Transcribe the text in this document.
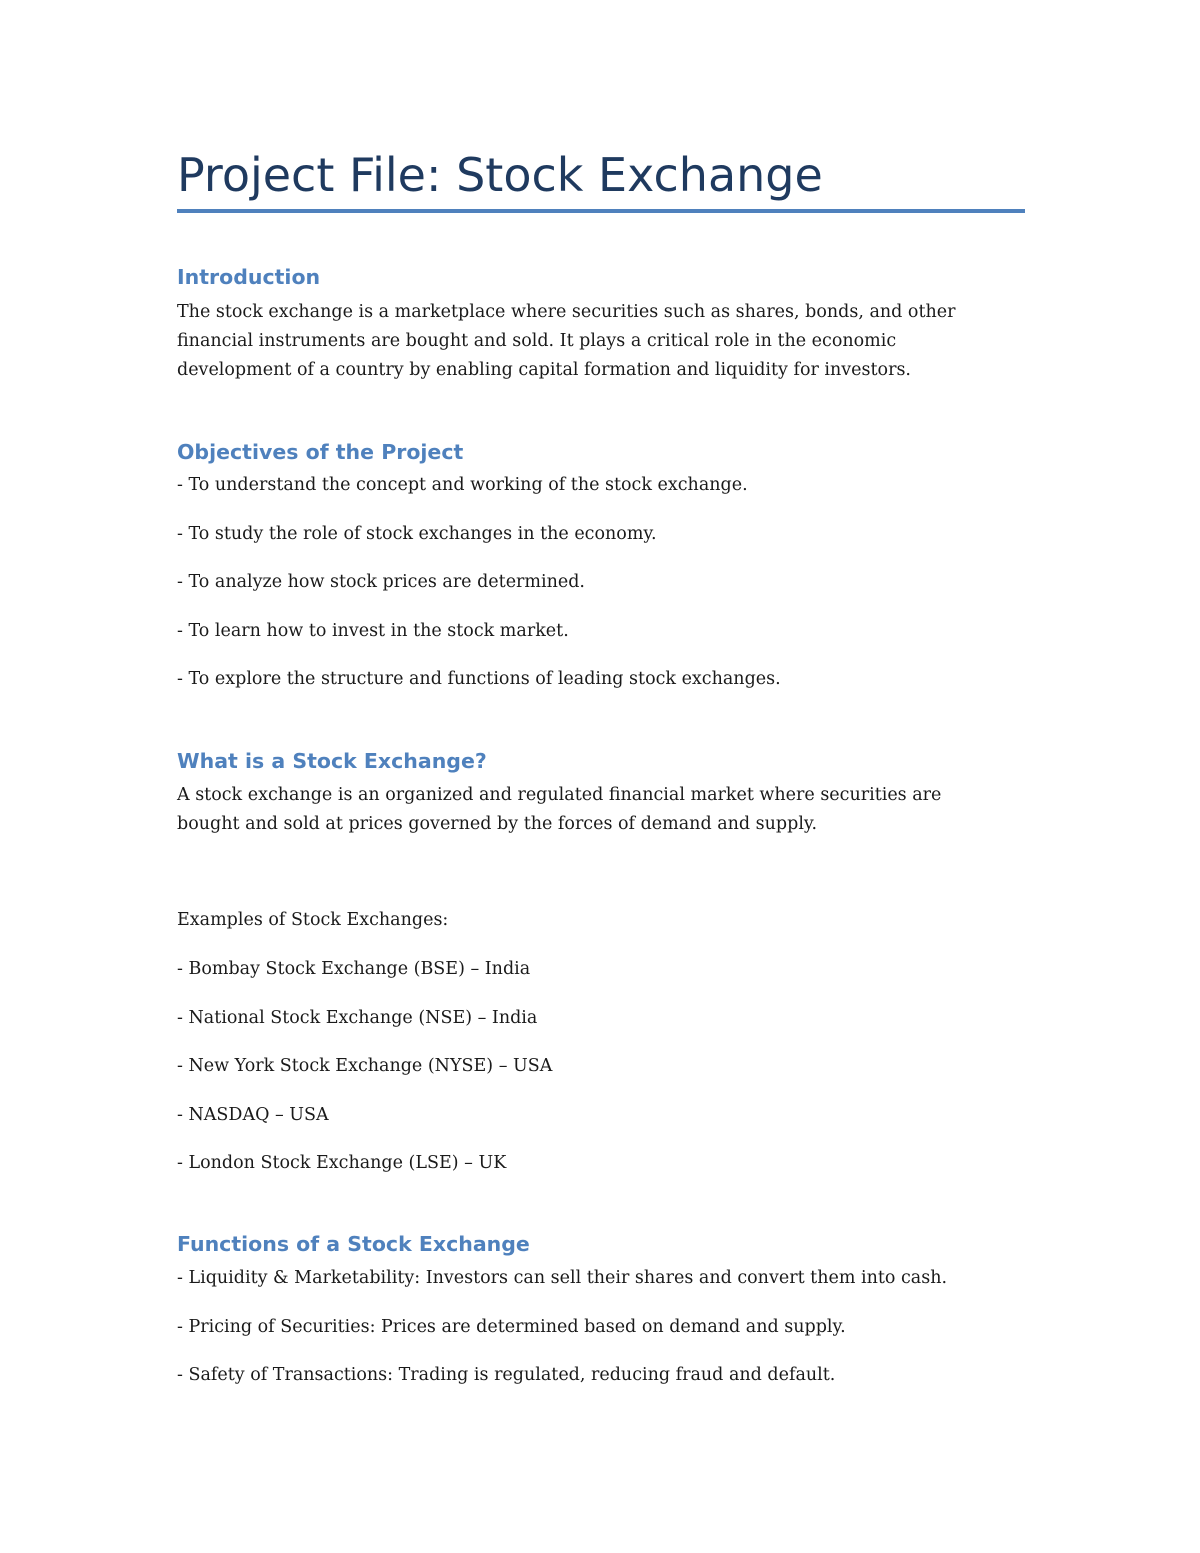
Project File: Stock Exchange
Introduction
The stock exchange is a marketplace where securities such as shares, bonds, and other
financial instruments are bought and sold. It plays a critical role in the economic
development of a country by enabling capital formation and liquidity for investors.
Objectives of the Project

- To understand the concept and working of the stock exchange.

- To study the role of stock exchanges in the economy.

- To analyze how stock prices are determined.

- To learn how to invest in the stock market.

- To explore the structure and functions of leading stock exchanges.

What is a Stock Exchange?
A stock exchange is an organized and regulated financial market where securities are
bought and sold at prices governed by the forces of demand and supply.

Examples of Stock Exchanges:

- Bombay Stock Exchange (BSE) – India

- National Stock Exchange (NSE) – India

- New York Stock Exchange (NYSE) – USA

- NASDAQ – USA

- London Stock Exchange (LSE) – UK

Functions of a Stock Exchange

- Liquidity & Marketability: Investors can sell their shares and convert them into cash.

- Pricing of Securities: Prices are determined based on demand and supply.

- Safety of Transactions: Trading is regulated, reducing fraud and default.
